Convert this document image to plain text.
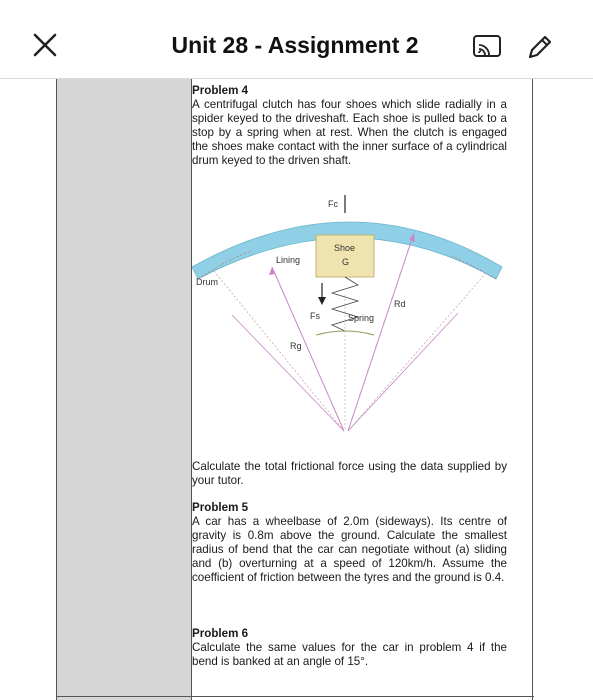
Unit 28 - Assignment 2
Problem 4
A centrifugal clutch has four shoes which slide radially in a spider keyed to the driveshaft. Each shoe is pulled back to a stop by a spring when at rest. When the clutch is engaged the shoes make contact with the inner surface of a cylindrical drum keyed to the driven shaft.
Fc
Shoe
G
Lining
Drum
Rd
Fs	Spring
Rg
Calculate the total frictional force using the data supplied by your tutor.
Problem 5
A car has a wheelbase of 2.0m (sideways). Its centre of gravity is 0.8m above the ground. Calculate the smallest radius of bend that the car can negotiate without (a) sliding and (b) overturning at a speed of 120km/h. Assume the coefficient of friction between the tyres and the ground is 0.4.
Problem 6
Calculate the same values for the car in problem 4 if the bend is banked at an angle of 15°.
